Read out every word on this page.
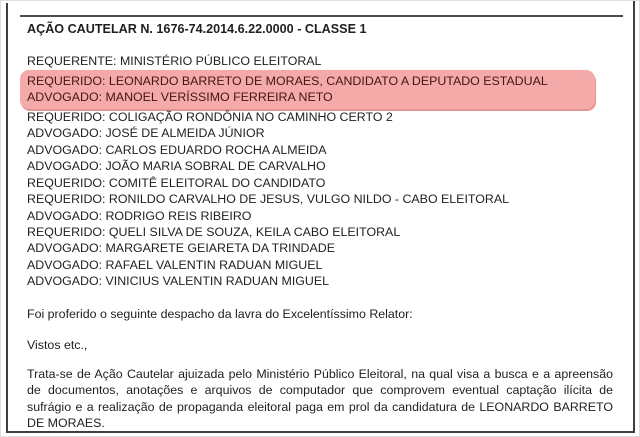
AÇÃO CAUTELAR N. 1676-74.2014.6.22.0000 - CLASSE 1
REQUERENTE: MINISTÉRIO PÚBLICO ELEITORAL
REQUERIDO: LEONARDO BARRETO DE MORAES, CANDIDATO A DEPUTADO ESTADUAL
ADVOGADO: MANOEL VERÍSSIMO FERREIRA NETO
REQUERIDO: COLIGAÇÃO RONDÔNIA NO CAMINHO CERTO 2
ADVOGADO: JOSÉ DE ALMEIDA JÚNIOR
ADVOGADO: CARLOS EDUARDO ROCHA ALMEIDA
ADVOGADO: JOÃO MARIA SOBRAL DE CARVALHO
REQUERIDO: COMITÊ ELEITORAL DO CANDIDATO
REQUERIDO: RONILDO CARVALHO DE JESUS, VULGO NILDO - CABO ELEITORAL
ADVOGADO: RODRIGO REIS RIBEIRO
REQUERIDO: QUELI SILVA DE SOUZA, KEILA CABO ELEITORAL
ADVOGADO: MARGARETE GEIARETA DA TRINDADE
ADVOGADO: RAFAEL VALENTIN RADUAN MIGUEL
ADVOGADO: VINICIUS VALENTIN RADUAN MIGUEL
Foi proferido o seguinte despacho da lavra do Excelentíssimo Relator:
Vistos etc.,
Trata-se de Ação Cautelar ajuizada pelo Ministério Público Eleitoral, na qual visa a busca e a apreensão de documentos, anotações e arquivos de computador que comprovem eventual captação ilícita de sufrágio e a realização de propaganda eleitoral paga em prol da candidatura de LEONARDO BARRETO DE MORAES.
